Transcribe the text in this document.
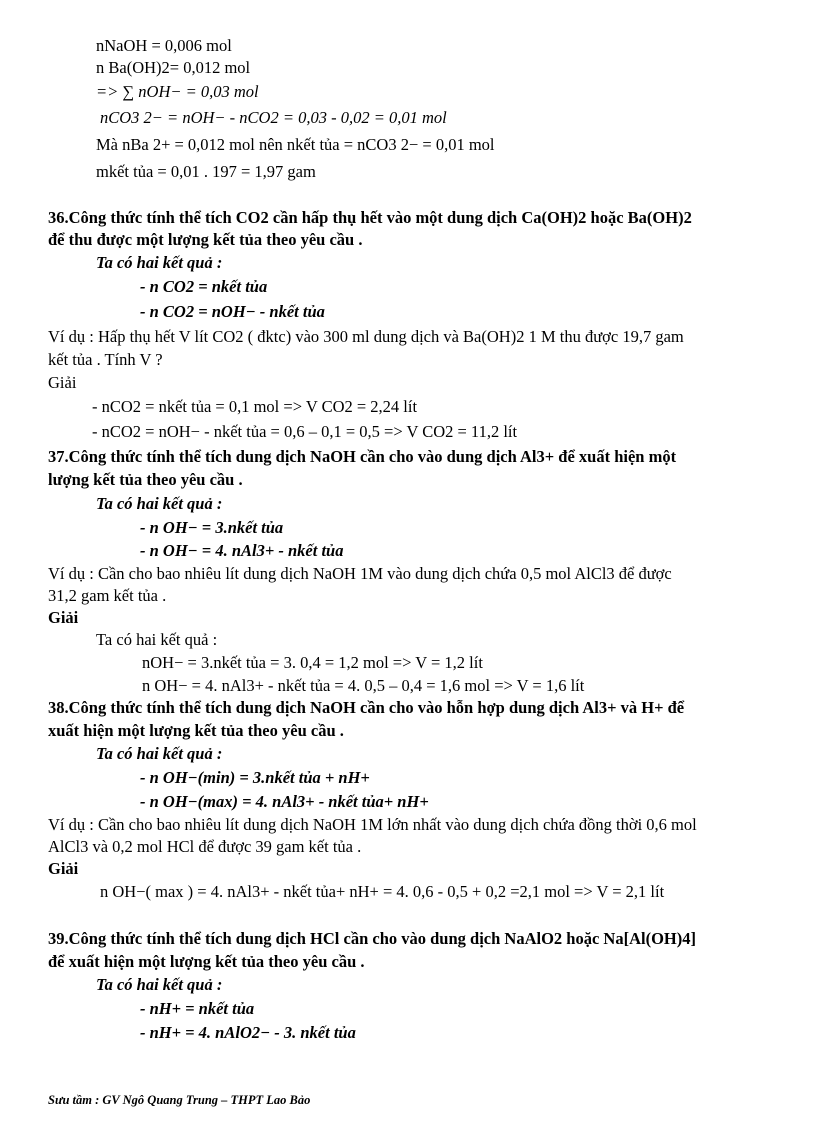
nNaOH = 0,006 mol
n Ba(OH)2= 0,012 mol
=> ∑ nOH− = 0,03 mol
nCO3 2− = nOH− - nCO2 = 0,03 - 0,02 = 0,01 mol
Mà nBa 2+ = 0,012 mol nên nkết tủa = nCO3 2− = 0,01 mol
mkết tủa = 0,01 . 197 = 1,97 gam
36.Công thức tính thể tích CO2 cần hấp thụ hết vào một dung dịch Ca(OH)2 hoặc Ba(OH)2
để thu được một lượng kết tủa theo yêu cầu .
Ta có hai kết quả :
- n CO2 = nkết tủa
- n CO2 = nOH− - nkết tủa
Ví dụ : Hấp thụ hết V lít CO2 ( đktc) vào 300 ml dung dịch và Ba(OH)2 1 M thu được 19,7 gam
kết tủa . Tính V ?
Giải
- nCO2 = nkết tủa = 0,1 mol => V CO2 = 2,24 lít
- nCO2 = nOH− - nkết tủa = 0,6 – 0,1 = 0,5 => V CO2 = 11,2 lít
37.Công thức tính thể tích dung dịch NaOH cần cho vào dung dịch Al3+ để xuất hiện một
lượng kết tủa theo yêu cầu .
Ta có hai kết quả :
- n OH− = 3.nkết tủa
- n OH− = 4. nAl3+ - nkết tủa
Ví dụ : Cần cho bao nhiêu lít dung dịch NaOH 1M vào dung dịch chứa 0,5 mol AlCl3 để được
31,2 gam kết tủa .
Giải
Ta có hai kết quả :
nOH− = 3.nkết tủa = 3. 0,4 = 1,2 mol => V = 1,2 lít
n OH− = 4. nAl3+ - nkết tủa = 4. 0,5 – 0,4 = 1,6 mol => V = 1,6 lít
38.Công thức tính thể tích dung dịch NaOH cần cho vào hỗn hợp dung dịch Al3+ và H+ để
xuất hiện một lượng kết tủa theo yêu cầu .
Ta có hai kết quả :
- n OH−(min) = 3.nkết tủa + nH+
- n OH−(max) = 4. nAl3+ - nkết tủa+ nH+
Ví dụ : Cần cho bao nhiêu lít dung dịch NaOH 1M lớn nhất vào dung dịch chứa đồng thời 0,6 mol
AlCl3 và 0,2 mol HCl để được 39 gam kết tủa .
Giải
n OH−( max ) = 4. nAl3+ - nkết tủa+ nH+ = 4. 0,6 - 0,5 + 0,2 =2,1 mol => V = 2,1 lít
39.Công thức tính thể tích dung dịch HCl cần cho vào dung dịch NaAlO2 hoặc Na[Al(OH)4]
để xuất hiện một lượng kết tủa theo yêu cầu .
Ta có hai kết quả :
- nH+ = nkết tủa
- nH+ = 4. nAlO2− - 3. nkết tủa
Sưu tầm : GV Ngô Quang Trung – THPT Lao Bảo
